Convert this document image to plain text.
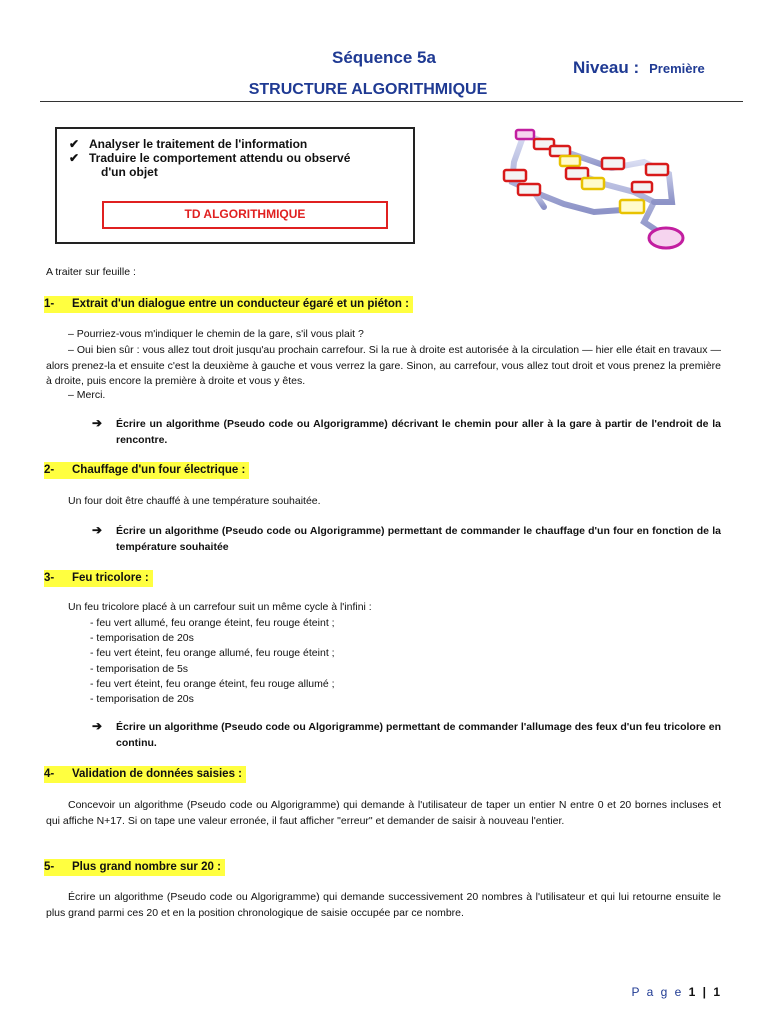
Séquence 5a
STRUCTURE ALGORITHMIQUE
Niveau : Première
✔ Analyser le traitement de l'information
✔ Traduire le comportement attendu ou observé
d'un objet
TD ALGORITHMIQUE
A traiter sur feuille :
1- Extrait d'un dialogue entre un conducteur égaré et un piéton :
– Pourriez-vous m'indiquer le chemin de la gare, s'il vous plait ?
– Oui bien sûr : vous allez tout droit jusqu'au prochain carrefour. Si la rue à droite est autorisée à la circulation — hier elle était en travaux — alors prenez-la et ensuite c'est la deuxième à gauche et vous verrez la gare. Sinon, au carrefour, vous allez tout droit et vous prenez la première à droite, puis encore la première à droite et vous y êtes.
– Merci.
➔ Écrire un algorithme (Pseudo code ou Algorigramme) décrivant le chemin pour aller à la gare à partir de l'endroit de la rencontre.
2- Chauffage d'un four électrique :
Un four doit être chauffé à une température souhaitée.
➔ Écrire un algorithme (Pseudo code ou Algorigramme) permettant de commander le chauffage d'un four en fonction de la température souhaitée
3- Feu tricolore :
Un feu tricolore placé à un carrefour suit un même cycle à l'infini :
- feu vert allumé, feu orange éteint, feu rouge éteint ;
- temporisation de 20s
- feu vert éteint, feu orange allumé, feu rouge éteint ;
- temporisation de 5s
- feu vert éteint, feu orange éteint, feu rouge allumé ;
- temporisation de 20s
➔ Écrire un algorithme (Pseudo code ou Algorigramme) permettant de commander l'allumage des feux d'un feu tricolore en continu.
4- Validation de données saisies :
Concevoir un algorithme (Pseudo code ou Algorigramme) qui demande à l'utilisateur de taper un entier N entre 0 et 20 bornes incluses et qui affiche N+17. Si on tape une valeur erronée, il faut afficher "erreur" et demander de saisir à nouveau l'entier.
5- Plus grand nombre sur 20 :
Écrire un algorithme (Pseudo code ou Algorigramme) qui demande successivement 20 nombres à l'utilisateur et qui lui retourne ensuite le plus grand parmi ces 20 et en la position chronologique de saisie occupée par ce nombre.
P a g e 1 | 1
